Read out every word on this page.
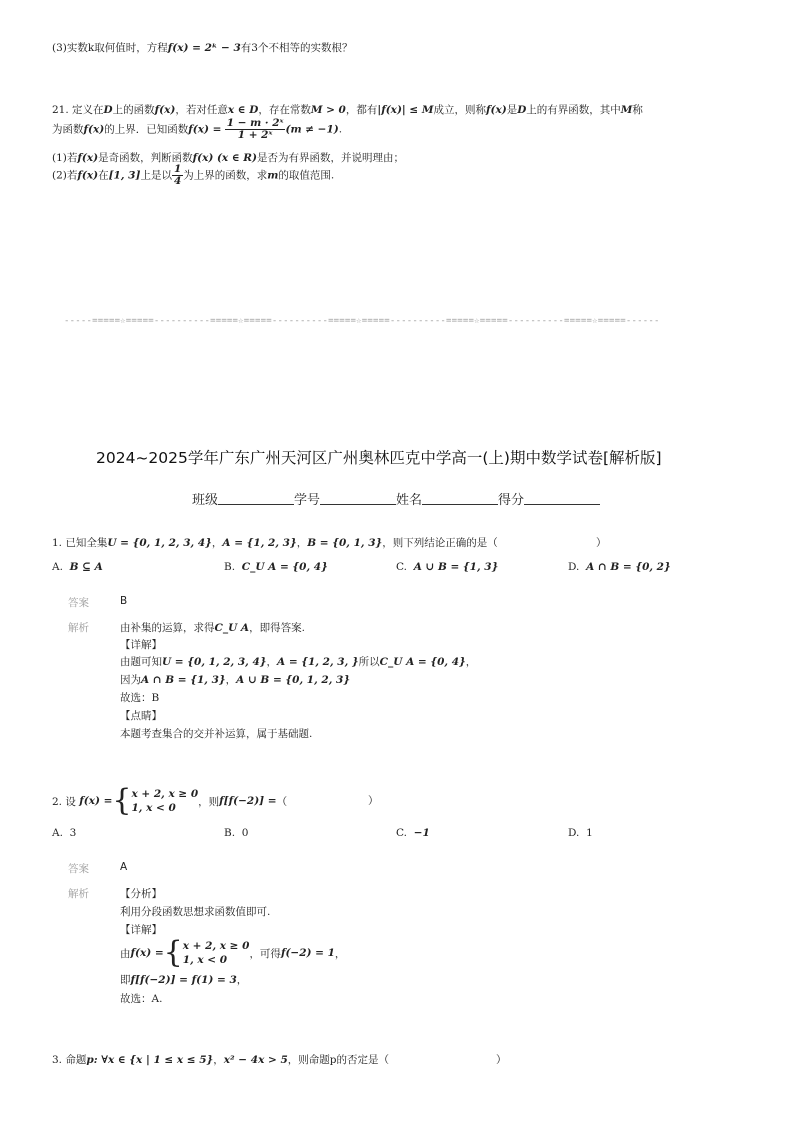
(3)实数k取何值时，方程f(x) = 2ᵏ − 3有3个不相等的实数根？
21. 定义在D上的函数f(x)，若对任意x ∈ D，存在常数M > 0，都有|f(x)| ≤ M成立，则称f(x)是D上的有界函数，其中M称
为函数f(x)的上界．已知函数$f(x) = \frac{\text{1 − m · 2ˣ}}{\text{1 + 2ˣ}} (m \ne -1)$.
(1)若f(x)是奇函数，判断函数f(x) (x ∈ R)是否为有界函数，并说明理由；
(2)若f(x)在[1, 3]上是以 $\frac{1}{4}$ 为上界的函数，求m的取值范围.
-----=====☆=====----------=====☆=====----------=====☆=====----------=====☆=====----------=====☆=====------
2024~2025学年广东广州天河区广州奥林匹克中学高一(上)期中数学试卷[解析版]
班级	学号	姓名	得分
1. 已知全集U = {0, 1, 2, 3, 4}，A = {1, 2, 3}，B = {0, 1, 3}，则下列结论正确的是（	）
A. B ⊆ A	B. C_U A = {0, 4}	C. A ∪ B = {1, 3}	D. A ∩ B = {0, 2}
答案	B
解析	由补集的运算，求得C_U A，即得答案.
【详解】
由题可知U = {0, 1, 2, 3, 4}，A = {1, 2, 3, }所以C_U A = {0, 4}，
因为A ∩ B = {1, 3}，A ∪ B = {0, 1, 2, 3}
故选：B
【点睛】
本题考查集合的交并补运算，属于基础题.
2. 设
f(x) = { x + 2, x ≥ 0
1, x < 0
，则 f[f(−2)] = （	）
A. 3	B. 0	C. −1	D. 1
答案	A
解析	【分析】
利用分段函数思想求函数值即可.
【详解】
由 f(x) = { x + 2, x ≥ 0
1, x < 0
，可得 f(−2) = 1 ，
即f[f(−2)] = f(1) = 3，
故选：A.
3. 命题p: ∀x ∈ {x | 1 ≤ x ≤ 5}，x² − 4x > 5，则命题p的否定是（	）
